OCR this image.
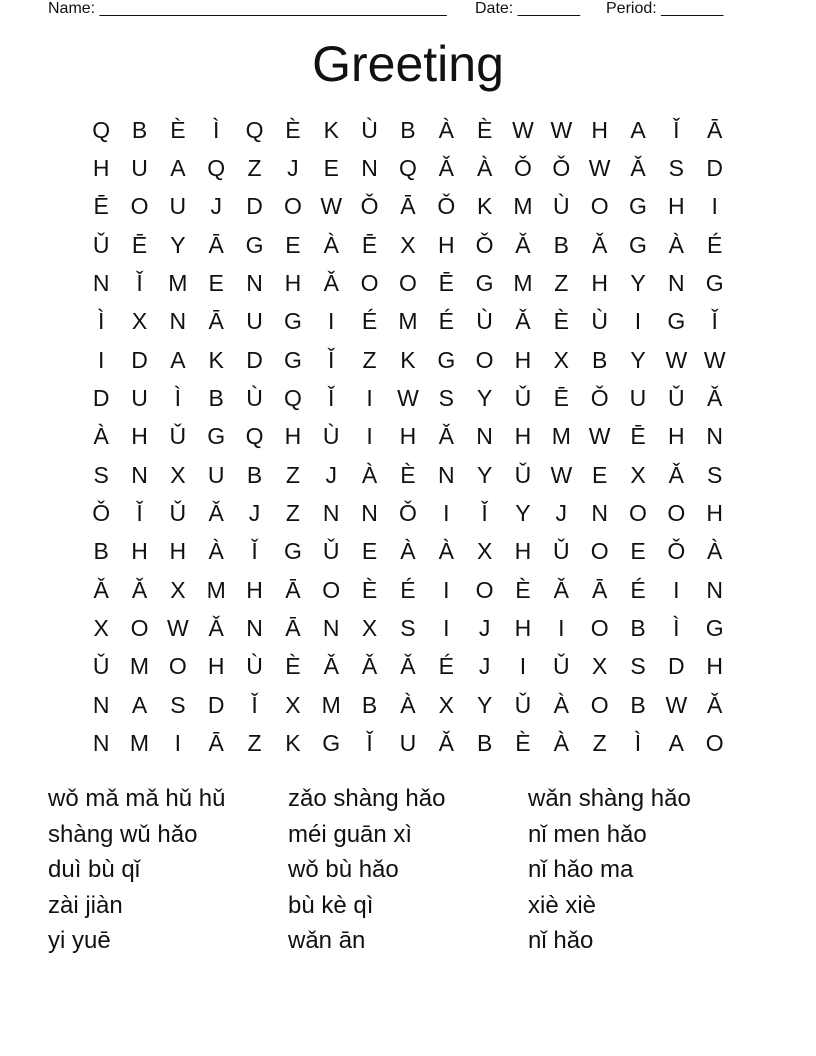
Name: _______________________________________

Date: _______

Period: _______

Greeting
Q B	È	Ì	Q È	K Ù B	À	È W W H A	Ǐ	Ā
H U A Q Z	J	E N Q Ǎ	À Ǒ Ǒ W Ǎ	S D
Ē O U	J	D O W Ǒ Ā Ǒ K M Ù O G H	I
Ǔ Ē	Y	Ā G E	À	Ē	X H Ǒ Ǎ	B	Ǎ G À	É
N	Ǐ	M E N H Ǎ O O Ē G M Z	H Y N G
Ì	X N Ā U G	I	É M É Ù Ǎ	È Ù	I	G	Ǐ
I	D A	K D G	Ǐ	Z	K G O H X	B	Y W W
D U	Ì	B Ù Q	Ǐ	I	W S	Y Ǔ Ē Ǒ U Ǔ Ǎ
À H Ǔ G Q H Ù	I	H Ǎ N H M W Ē H N
S N X U B	Z	J	À	È N Y Ǔ W E	X	Ǎ	S
Ǒ	Ǐ	Ǔ Ǎ	J	Z	N N Ǒ	I	Ǐ	Y	J	N O O H
B H H À	Ǐ	G Ǔ E	À	À	X H Ǔ O E Ǒ À
Ǎ	Ǎ	X M H Ā O È	É	I	O È	Ǎ	Ā	É	I	N
X O W Ǎ N Ā N X	S	I	J	H	I	O B	Ì	G
Ǔ M O H Ù È	Ǎ	Ǎ	Ǎ	É	J	I	Ǔ X	S D H
N A	S D	Ǐ	X M B	À	X	Y Ǔ À O B W Ǎ
N M	I	Ā	Z	K G	Ǐ	U Ǎ	B	È	À	Z	Ì	A O
wǒ mǎ mǎ hǔ hǔ	zǎo shàng hǎo	wǎn shàng hǎo
shàng wǔ hǎo	méi guān xì	nǐ men hǎo
duì bù qǐ	wǒ bù hǎo	nǐ hǎo ma
zài jiàn	bù kè qì	xiè xiè
yi yuē	wǎn ān	nǐ hǎo
